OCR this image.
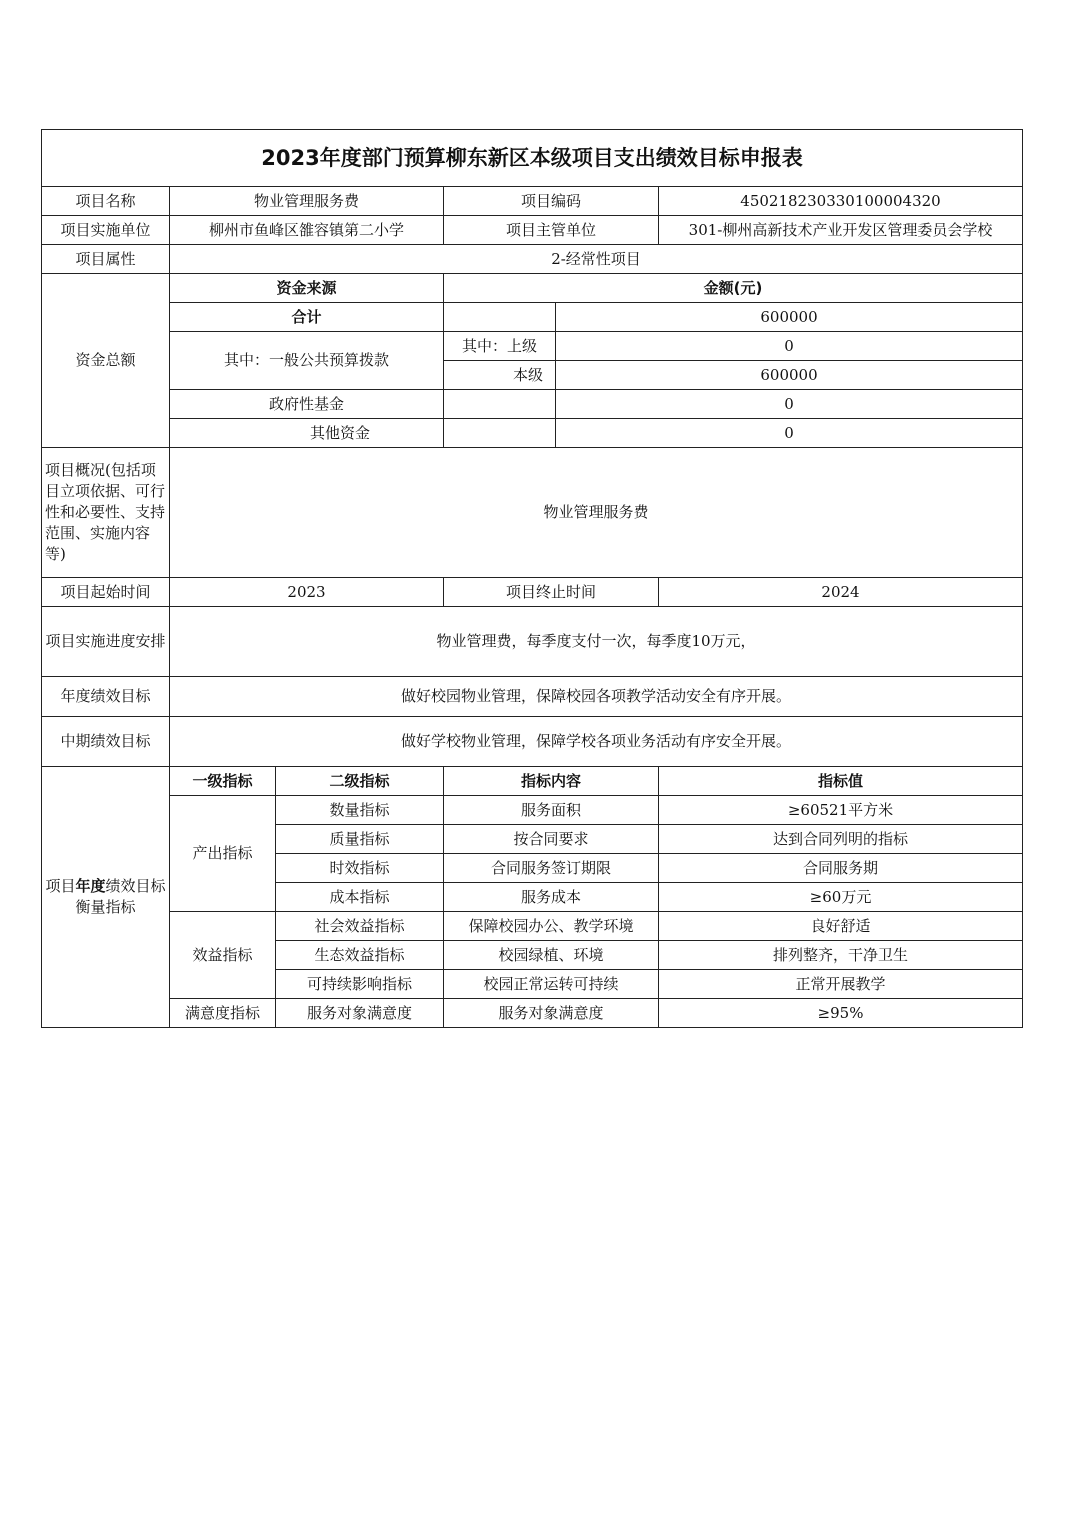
2023年度部门预算柳东新区本级项目支出绩效目标申报表					
项目名称	物业管理服务费		项目编码		450218230330100004320
项目实施单位	柳州市鱼峰区雒容镇第二小学		项目主管单位		301-柳州高新技术产业开发区管理委员会学校
项目属性	2-经常性项目				
资金总额	资金来源		金额(元)		
	合计			600000	
	其中：一般公共预算拨款		其中：上级	0	
			本级	600000	
	政府性基金			0	
	其他资金			0	
项目概况(包括项目立项依据、可行性和必要性、支持范围、实施内容等)	物业管理服务费				
项目起始时间	2023		项目终止时间		2024
项目实施进度安排	物业管理费，每季度支付一次，每季度10万元，				
年度绩效目标	做好校园物业管理，保障校园各项教学活动安全有序开展。				
中期绩效目标	做好学校物业管理，保障学校各项业务活动有序安全开展。				
项目年度绩效目标衡量指标	一级指标	二级指标	指标内容		指标值
	产出指标	数量指标	服务面积		≥60521平方米
		质量指标	按合同要求		达到合同列明的指标
		时效指标	合同服务签订期限		合同服务期
		成本指标	服务成本		≥60万元
	效益指标	社会效益指标	保障校园办公、教学环境		良好舒适
		生态效益指标	校园绿植、环境		排列整齐，干净卫生
		可持续影响指标	校园正常运转可持续		正常开展教学
	满意度指标	服务对象满意度	服务对象满意度		≥95%
